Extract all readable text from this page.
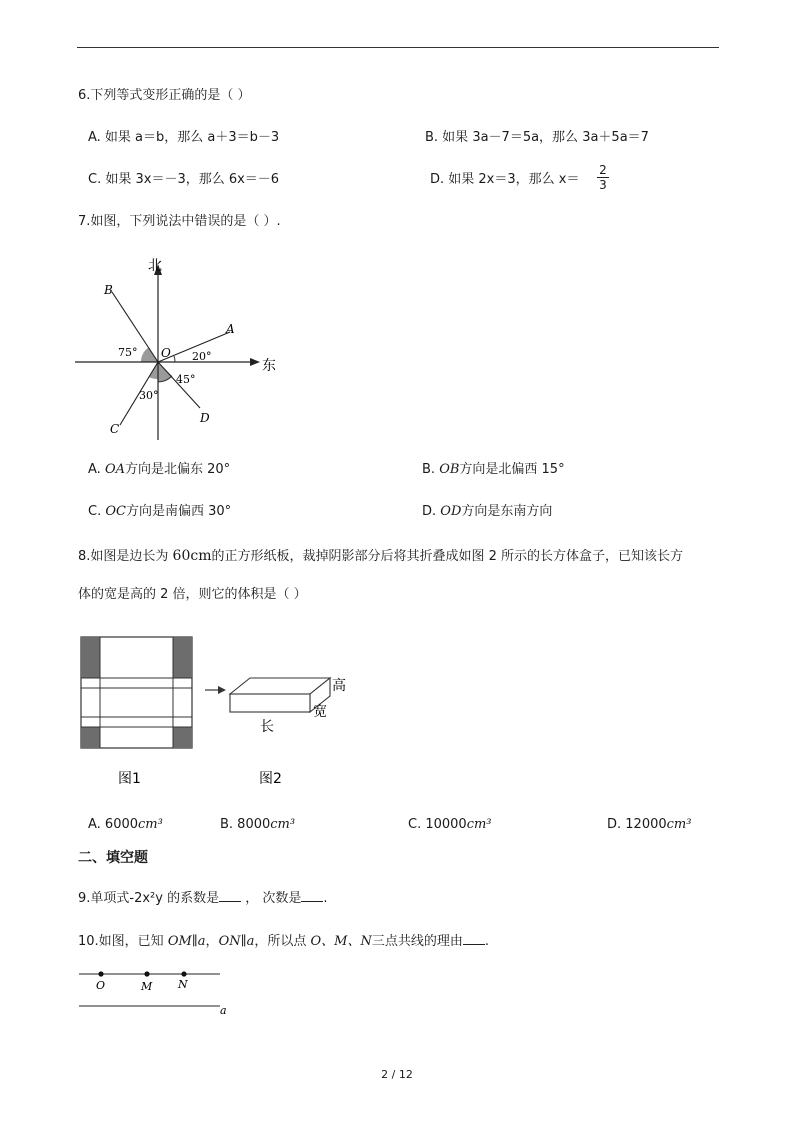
6.下列等式变形正确的是（ ）
A. 如果 a＝b，那么 a＋3＝b－3	B. 如果 3a－7＝5a，那么 3a＋5a＝7
C. 如果 3x＝－3，那么 6x＝－6	D. 如果 2x＝3，那么 x＝
2
3
7.如图，下列说法中错误的是（ ）.
北
东
O
A
B
C
D
75°	20°
45°
30°
A. OA方向是北偏东 20°	B. OB方向是北偏西 15°
C. OC方向是南偏西 30°	D. OD方向是东南方向
8.如图是边长为 60cm的正方形纸板，裁掉阴影部分后将其折叠成如图 2 所示的长方体盒子，已知该长方
体的宽是高的 2 倍，则它的体积是（ ）
图1
高
宽
长
图2
A. 6000cm³	B. 8000cm³	C. 10000cm³	D. 12000cm³
二、填空题
9.单项式-2x²y 的系数是 ， 次数是 .
10.如图，已知 OM∥a，ON∥a，所以点 O、M、N三点共线的理由 .
O	M N
a
2 / 12
